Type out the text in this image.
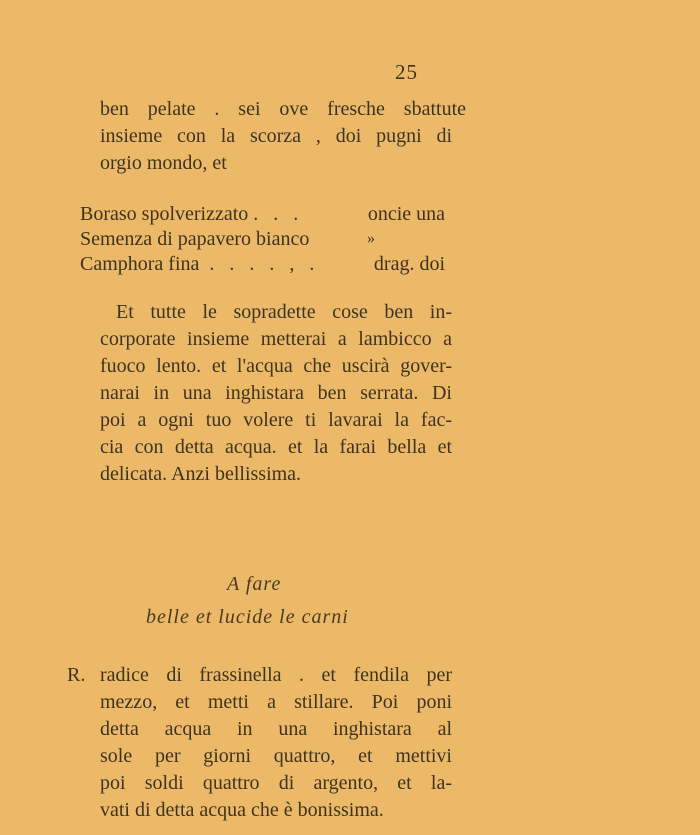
25
ben pelate . sei ove fresche sbattute
insieme con la scorza , doi pugni di
orgio mondo, et
Boraso spolverizzato .   .   .	oncie una
Semenza di papavero bianco	»
Camphora fina  .   .   .   .   ,   .	drag. doi
Et tutte le sopradette cose ben in-
corporate insieme metterai a lambicco a
fuoco lento. et l'acqua che uscirà gover-
narai in una inghistara ben serrata. Di
poi a ogni tuo volere ti lavarai la fac-
cia con detta acqua. et la farai bella et
delicata. Anzi bellissima.
A fare
belle et lucide le carni
R. radice di frassinella . et fendila per
mezzo, et metti a stillare. Poi poni
detta acqua in una inghistara al
sole per giorni quattro, et mettivi
poi soldi quattro di argento, et la-
vati di detta acqua che è bonissima.
